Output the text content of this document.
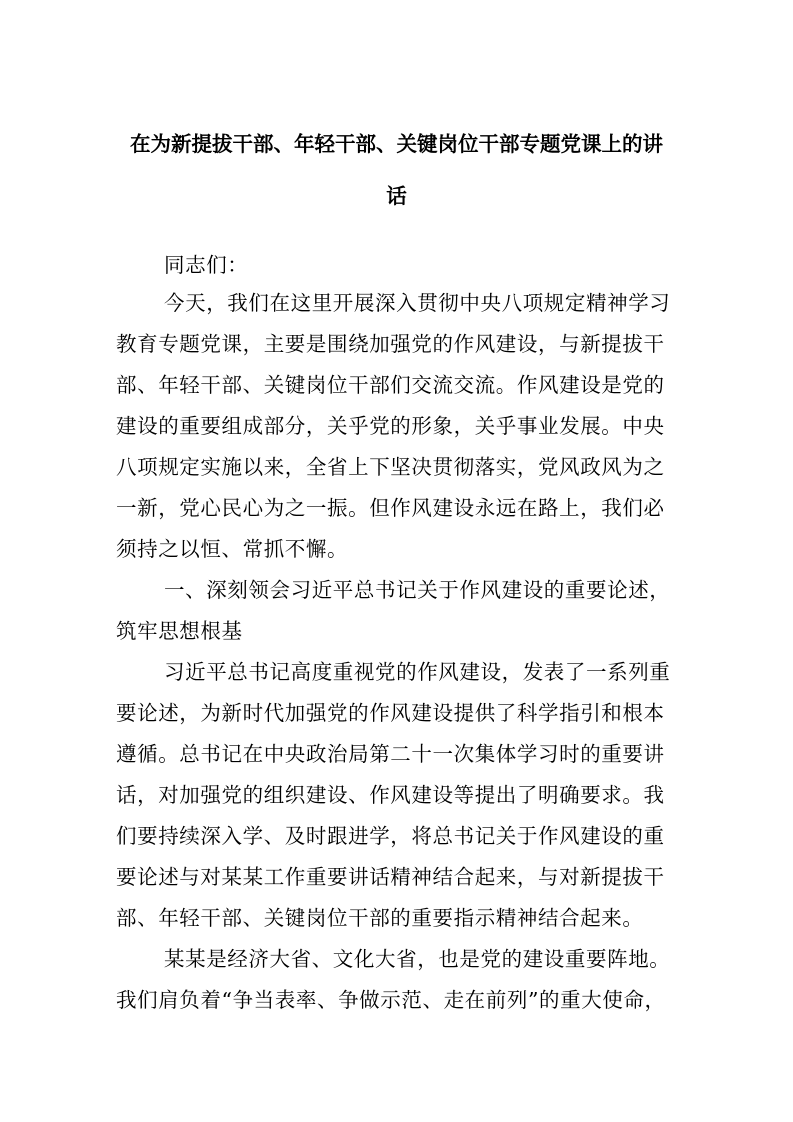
在为新提拔干部、年轻干部、关键岗位干部专题党课上的讲
话
同志们：
今天，我们在这里开展深入贯彻中央八项规定精神学习
教育专题党课，主要是围绕加强党的作风建设，与新提拔干
部、年轻干部、关键岗位干部们交流交流。作风建设是党的
建设的重要组成部分，关乎党的形象，关乎事业发展。中央
八项规定实施以来，全省上下坚决贯彻落实，党风政风为之
一新，党心民心为之一振。但作风建设永远在路上，我们必
须持之以恒、常抓不懈。
一、深刻领会习近平总书记关于作风建设的重要论述，
筑牢思想根基
习近平总书记高度重视党的作风建设，发表了一系列重
要论述，为新时代加强党的作风建设提供了科学指引和根本
遵循。总书记在中央政治局第二十一次集体学习时的重要讲
话，对加强党的组织建设、作风建设等提出了明确要求。我
们要持续深入学、及时跟进学，将总书记关于作风建设的重
要论述与对某某工作重要讲话精神结合起来，与对新提拔干
部、年轻干部、关键岗位干部的重要指示精神结合起来。
某某是经济大省、文化大省，也是党的建设重要阵地。
我们肩负着“争当表率、争做示范、走在前列”的重大使命，
